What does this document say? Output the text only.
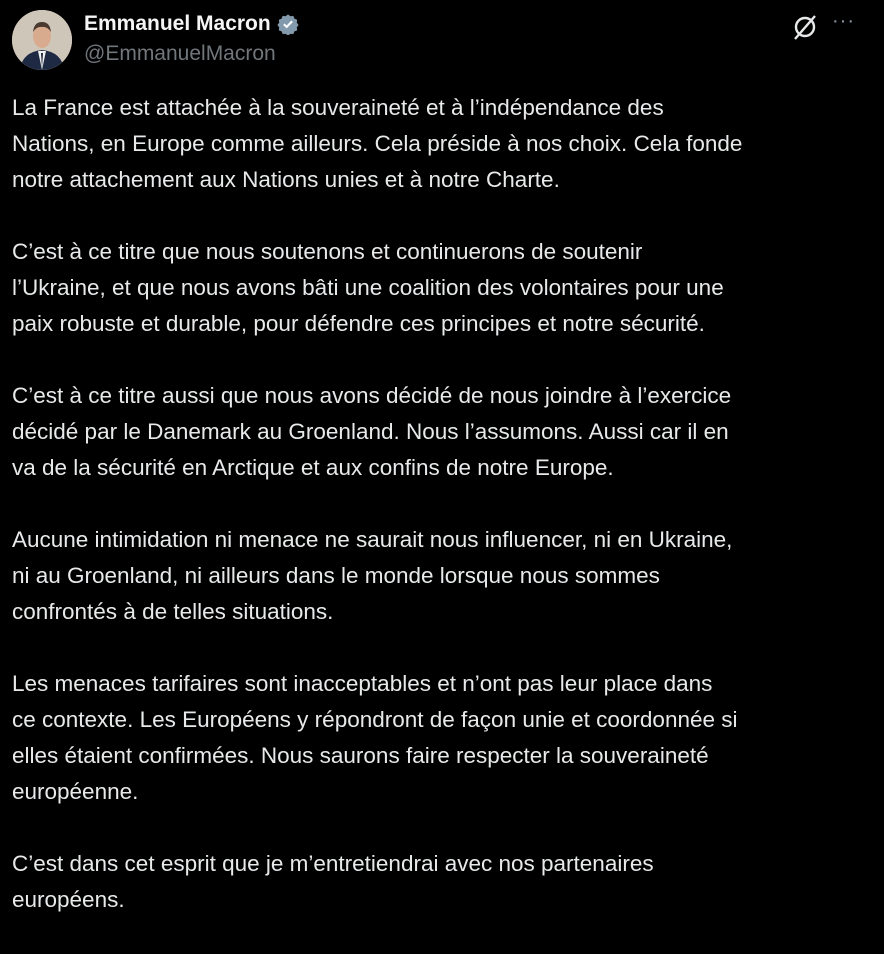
Emmanuel Macron
@EmmanuelMacron
···

La France est attachée à la souveraineté et à l’indépendance des
Nations, en Europe comme ailleurs. Cela préside à nos choix. Cela fonde
notre attachement aux Nations unies et à notre Charte.

C’est à ce titre que nous soutenons et continuerons de soutenir
l’Ukraine, et que nous avons bâti une coalition des volontaires pour une
paix robuste et durable, pour défendre ces principes et notre sécurité.

C’est à ce titre aussi que nous avons décidé de nous joindre à l’exercice
décidé par le Danemark au Groenland. Nous l’assumons. Aussi car il en
va de la sécurité en Arctique et aux confins de notre Europe.

Aucune intimidation ni menace ne saurait nous influencer, ni en Ukraine,
ni au Groenland, ni ailleurs dans le monde lorsque nous sommes
confrontés à de telles situations.

Les menaces tarifaires sont inacceptables et n’ont pas leur place dans
ce contexte. Les Européens y répondront de façon unie et coordonnée si
elles étaient confirmées. Nous saurons faire respecter la souveraineté
européenne.

C’est dans cet esprit que je m’entretiendrai avec nos partenaires
européens.
